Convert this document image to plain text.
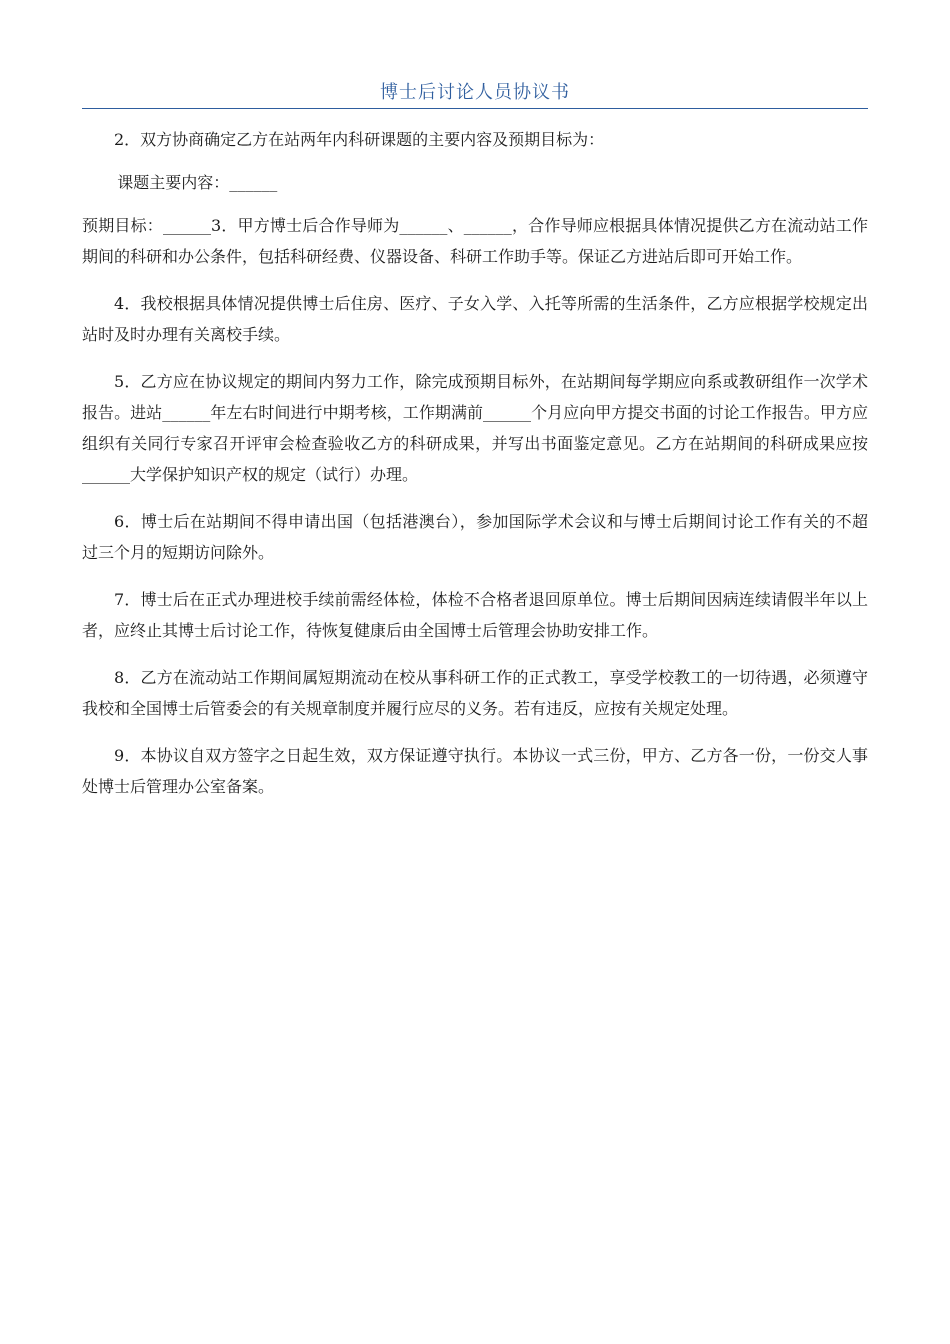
博士后讨论人员协议书

2．双方协商确定乙方在站两年内科研课题的主要内容及预期目标为：

课题主要内容：______

预期目标：______3．甲方博士后合作导师为______、______，合作导师应根据具体情况提供乙方在流动站工作期间的科研和办公条件，包括科研经费、仪器设备、科研工作助手等。保证乙方进站后即可开始工作。

4．我校根据具体情况提供博士后住房、医疗、子女入学、入托等所需的生活条件，乙方应根据学校规定出站时及时办理有关离校手续。

5．乙方应在协议规定的期间内努力工作，除完成预期目标外，在站期间每学期应向系或教研组作一次学术报告。进站______年左右时间进行中期考核，工作期满前______个月应向甲方提交书面的讨论工作报告。甲方应组织有关同行专家召开评审会检查验收乙方的科研成果，并写出书面鉴定意见。乙方在站期间的科研成果应按______大学保护知识产权的规定（试行）办理。

6．博士后在站期间不得申请出国（包括港澳台），参加国际学术会议和与博士后期间讨论工作有关的不超过三个月的短期访问除外。

7．博士后在正式办理进校手续前需经体检，体检不合格者退回原单位。博士后期间因病连续请假半年以上者，应终止其博士后讨论工作，待恢复健康后由全国博士后管理会协助安排工作。

8．乙方在流动站工作期间属短期流动在校从事科研工作的正式教工，享受学校教工的一切待遇，必须遵守我校和全国博士后管委会的有关规章制度并履行应尽的义务。若有违反，应按有关规定处理。

9．本协议自双方签字之日起生效，双方保证遵守执行。本协议一式三份，甲方、乙方各一份，一份交人事处博士后管理办公室备案。
